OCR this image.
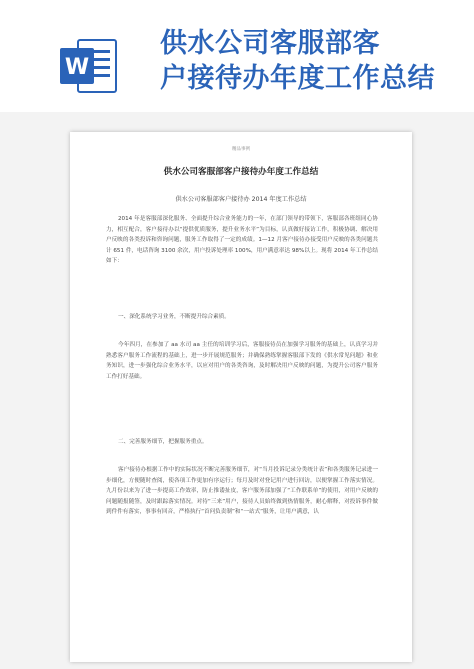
W
供水公司客服部客
户接待办年度工作总结
精品事例
供水公司客服部客户接待办年度工作总结
供水公司客服部客户接待办 2014 年度工作总结
2014 年是客服部深化服务、全面提升综合业务能力的一年，在部门领导的带领下，客服部各班组同心协力，相互配合，客户接待办以“提供优质服务，提升业务水平”为目标，认真做好接访工作，积极协调、解决用户反映的各类投诉和咨询问题，服务工作取得了一定的成绩。1—12 月客户接待办接受用户反映的各类问题共计 651 件，电话咨询 3100 余次，用户投诉处理率 100%，用户满意率达 98%以上。现将 2014 年工作总结如下：
一、深化系统学习业务，不断提升综合素质。
今年四月，在参加了 aa 水司 aa 主任的培训学习后，客服接待员在加强学习服务的基础上，认真学习并熟悉客户服务工作流程的基础上，进一步开展规范服务；并确保熟练掌握客服部下发的《供水常见问题》和业务知识，进一步强化综合业务水平，以应对用户的各类咨询，及时解决用户反映的问题，为提升公司客户服务工作打好基础。
二、完善服务细节，把握服务重点。
客户接待办根据工作中的实际状况不断完善服务细节，对“当月投诉记录分类统计表”和各类服务记录进一步细化，方便随时查阅，使各项工作更加有序运行；每月及时对登记用户进行回访，以便掌握工作落实情况。九月份以来为了进一步提高工作效率，防止推诿扯皮，客户服务部加强了“工作联系单”的使用，对用户反映的问题随报随签，及时跟踪落实情况。对待“三来”用户，接待人员始终做到热情服务，耐心解释，对投诉事件做到件件有落实，事事有回音，严格执行“首问负责制”和“一站式”服务，让用户满意，认
